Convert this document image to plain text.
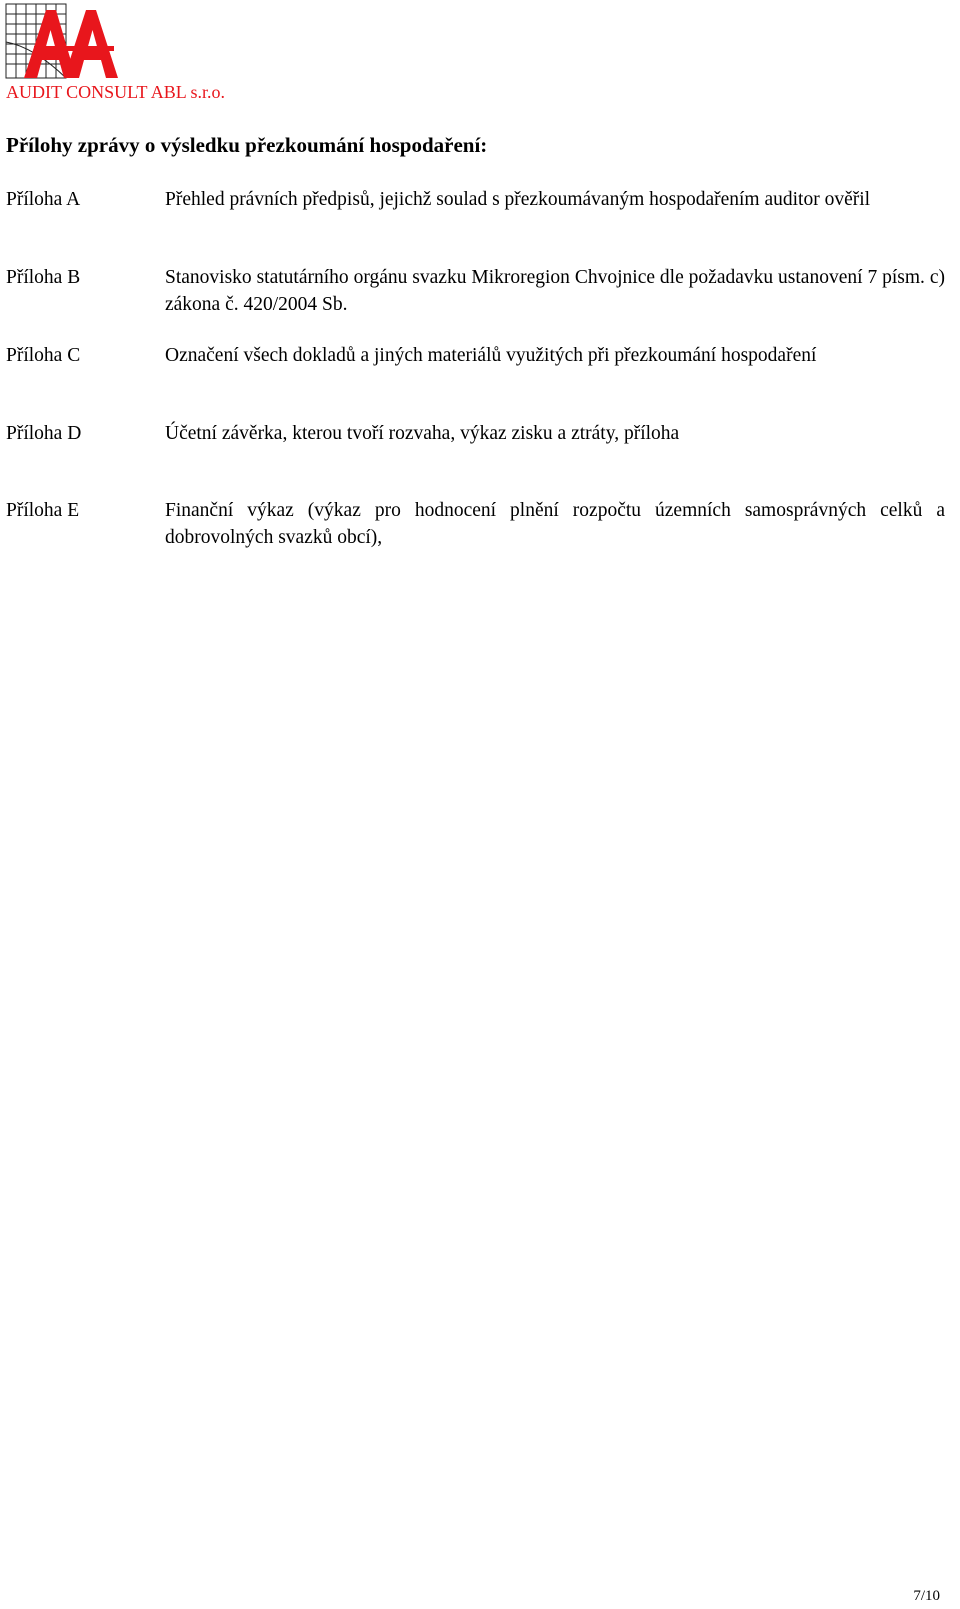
AUDIT CONSULT ABL s.r.o.
Přílohy zprávy o výsledku přezkoumání hospodaření:
Příloha A	Přehled právních předpisů, jejichž soulad s přezkoumávaným hospodařením auditor ověřil
Příloha B	Stanovisko statutárního orgánu svazku Mikroregion Chvojnice dle požadavku ustanovení 7 písm. c) zákona č. 420/2004 Sb.
Příloha C	Označení všech dokladů a jiných materiálů využitých při přezkoumání hospodaření
Příloha D	Účetní závěrka, kterou tvoří rozvaha, výkaz zisku a ztráty, příloha
Příloha E	Finanční výkaz (výkaz pro hodnocení plnění rozpočtu územních samosprávných celků a dobrovolných svazků obcí),
7/10
